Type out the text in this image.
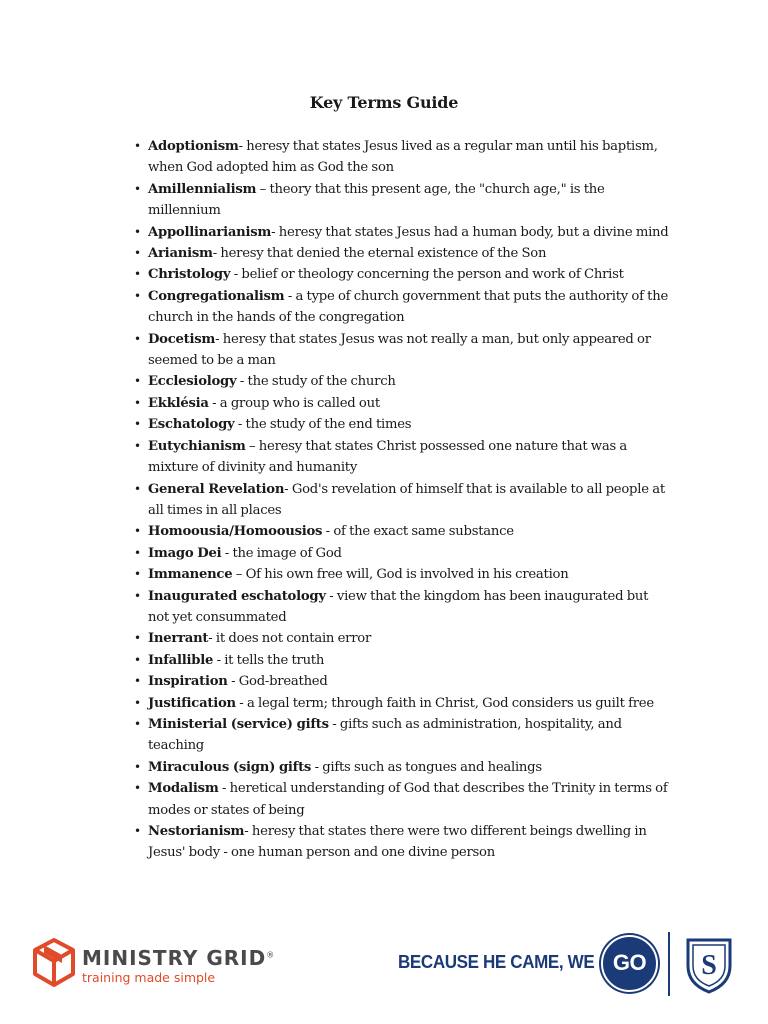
Key Terms Guide
• Adoptionism- heresy that states Jesus lived as a regular man until his baptism, when God adopted him as God the son
• Amillennialism – theory that this present age, the "church age," is the millennium
• Appollinarianism- heresy that states Jesus had a human body, but a divine mind
• Arianism- heresy that denied the eternal existence of the Son
• Christology - belief or theology concerning the person and work of Christ
• Congregationalism - a type of church government that puts the authority of the church in the hands of the congregation
• Docetism- heresy that states Jesus was not really a man, but only appeared or seemed to be a man
• Ecclesiology - the study of the church
• Ekklésia - a group who is called out
• Eschatology - the study of the end times
• Eutychianism – heresy that states Christ possessed one nature that was a mixture of divinity and humanity
• General Revelation- God's revelation of himself that is available to all people at all times in all places
• Homoousia/Homoousios - of the exact same substance
• Imago Dei - the image of God
• Immanence – Of his own free will, God is involved in his creation
• Inaugurated eschatology - view that the kingdom has been inaugurated but not yet consummated
• Inerrant- it does not contain error
• Infallible - it tells the truth
• Inspiration - God-breathed
• Justification - a legal term; through faith in Christ, God considers us guilt free
• Ministerial (service) gifts - gifts such as administration, hospitality, and teaching
• Miraculous (sign) gifts - gifts such as tongues and healings
• Modalism - heretical understanding of God that describes the Trinity in terms of modes or states of being
• Nestorianism- heresy that states there were two different beings dwelling in Jesus' body - one human person and one divine person
MINISTRY GRID®
training made simple
BECAUSE HE CAME, WE GO	S
